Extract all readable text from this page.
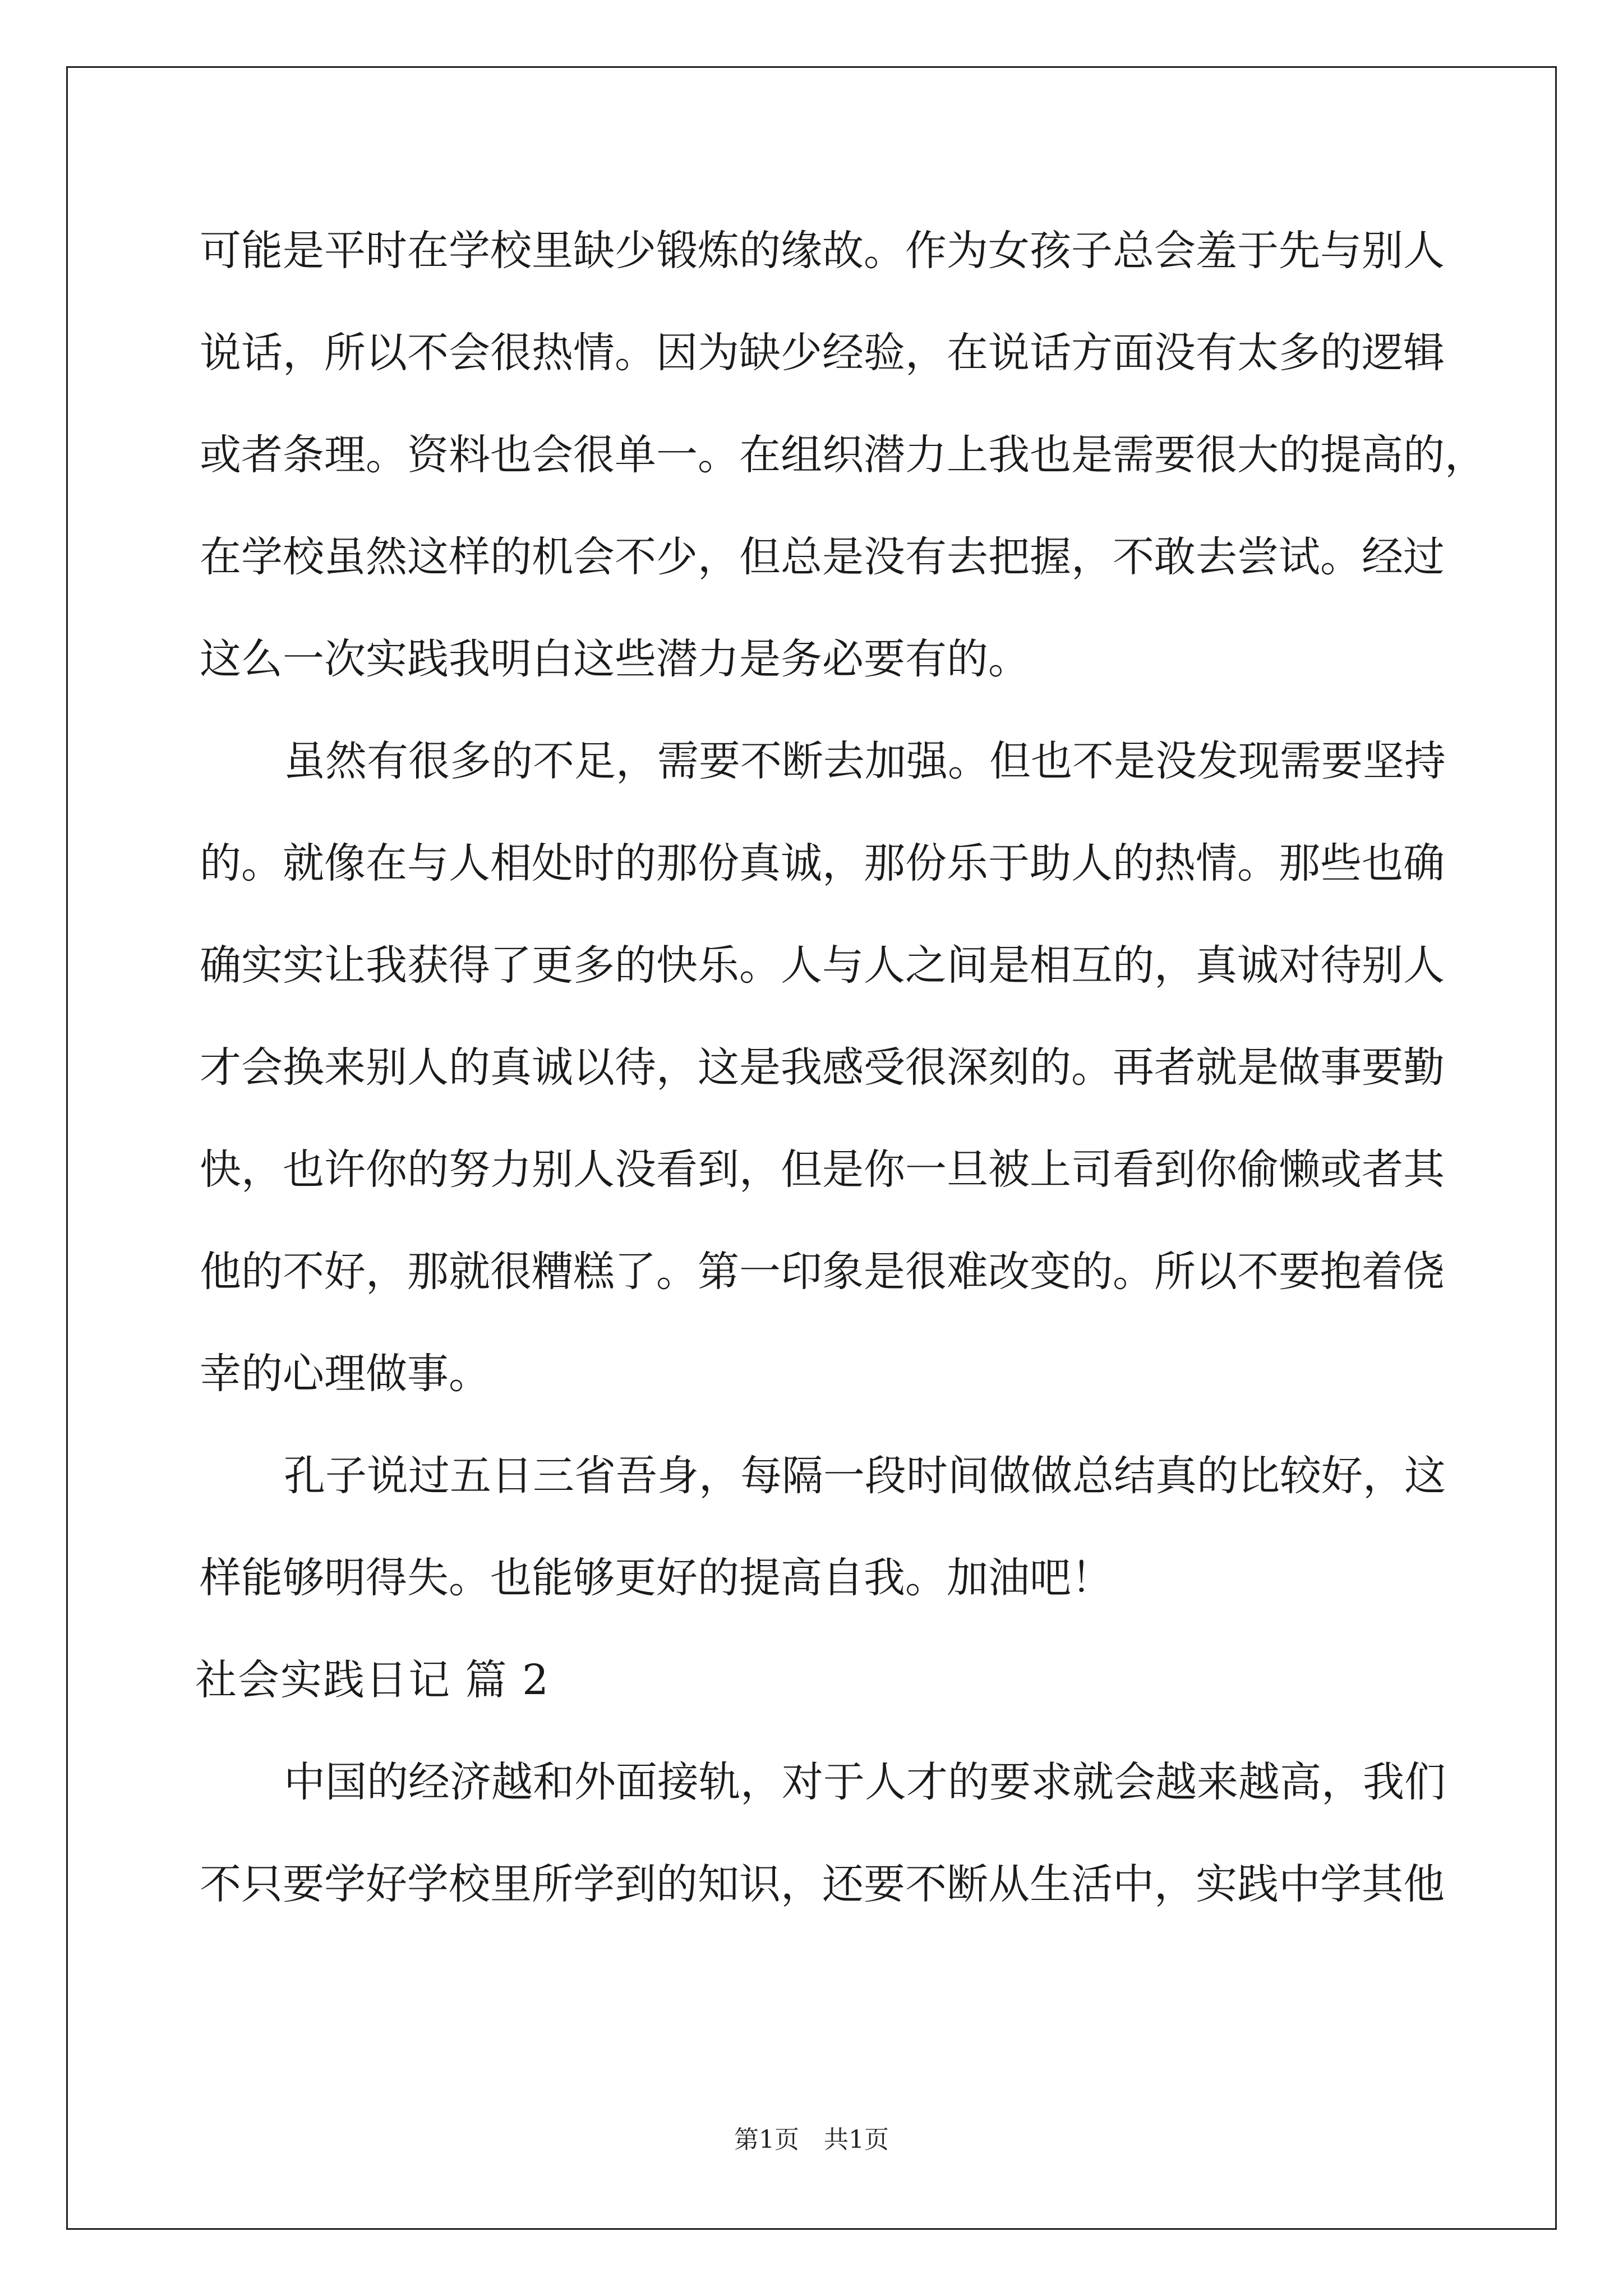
可能是平时在学校里缺少锻炼的缘故。作为女孩子总会羞于先与别人
说话，所以不会很热情。因为缺少经验，在说话方面没有太多的逻辑
或者条理。资料也会很单一。在组织潜力上我也是需要很大的提高的，
在学校虽然这样的机会不少，但总是没有去把握，不敢去尝试。经过
这么一次实践我明白这些潜力是务必要有的。
虽然有很多的不足，需要不断去加强。但也不是没发现需要坚持
的。就像在与人相处时的那份真诚，那份乐于助人的热情。那些也确
确实实让我获得了更多的快乐。人与人之间是相互的，真诚对待别人
才会换来别人的真诚以待，这是我感受很深刻的。再者就是做事要勤
快，也许你的努力别人没看到，但是你一旦被上司看到你偷懒或者其
他的不好，那就很糟糕了。第一印象是很难改变的。所以不要抱着侥
幸的心理做事。
孔子说过五日三省吾身，每隔一段时间做做总结真的比较好，这
样能够明得失。也能够更好的提高自我。加油吧！
社会实践日记 篇 2
中国的经济越和外面接轨，对于人才的要求就会越来越高，我们
不只要学好学校里所学到的知识，还要不断从生活中，实践中学其他
第1页 共1页
